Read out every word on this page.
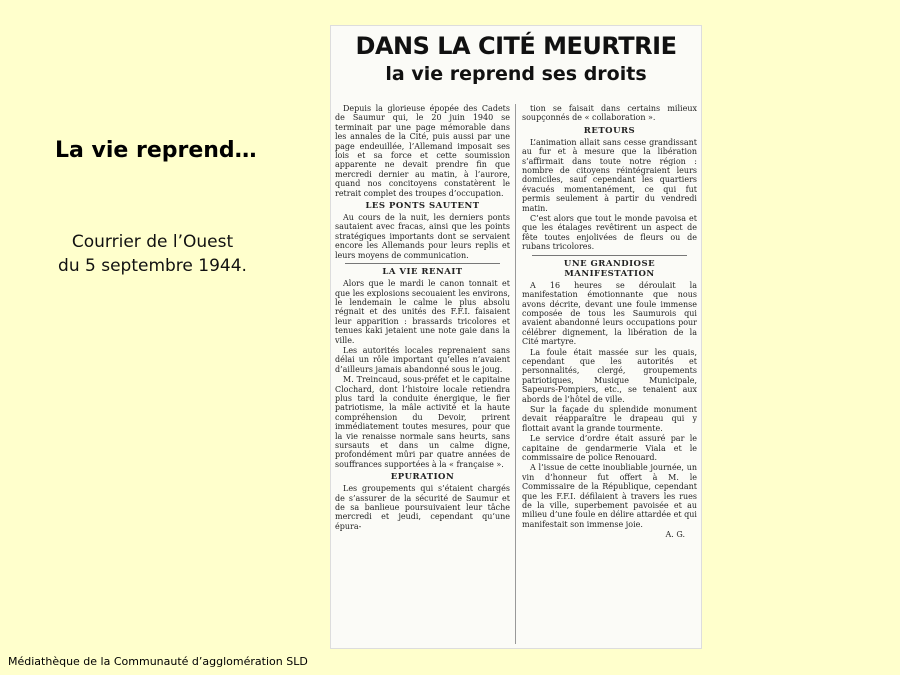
La vie reprend…
Courrier de l’Ouest
du 5 septembre 1944.
DANS LA CITÉ MEURTRIE
la vie reprend ses droits

Depuis la glorieuse épopée des Cadets de Saumur qui, le 20 juin 1940 se terminait par une page mémorable dans les annales de la Cité, puis aussi par une page endeuillée, l’Allemand imposait ses lois et sa force et cette soumission apparente ne devait prendre fin que mercredi dernier au matin, à l’aurore, quand nos concitoyens constatèrent le retrait complet des troupes d’occupation.

LES PONTS SAUTENT

Au cours de la nuit, les derniers ponts sautaient avec fracas, ainsi que les points stratégiques importants dont se servaient encore les Allemands pour leurs replis et leurs moyens de communication.

LA VIE RENAIT

Alors que le mardi le canon tonnait et que les explosions secouaient les environs, le lendemain le calme le plus absolu régnait et des unités des F.F.I. faisaient leur apparition : brassards tricolores et tenues kaki jetaient une note gaie dans la ville.

Les autorités locales reprenaient sans délai un rôle important qu’elles n’avaient d’ailleurs jamais abandonné sous le joug.

M. Treincaud, sous-préfet et le capitaine Clochard, dont l’histoire locale retiendra plus tard la conduite énergique, le fier patriotisme, la mâle activité et la haute compréhension du Devoir, prirent immédiatement toutes mesures, pour que la vie renaisse normale sans heurts, sans sursauts et dans un calme digne, profondément mûri par quatre années de souffrances supportées à la « française ».

EPURATION

Les groupements qui s’étaient chargés de s’assurer de la sécurité de Saumur et de sa banlieue poursuivaient leur tâche mercredi et jeudi, cependant qu’une épura-

tion se faisait dans certains milieux soupçonnés de « collaboration ».

RETOURS

L’animation allait sans cesse grandissant au fur et à mesure que la libération s’affirmait dans toute notre région : nombre de citoyens réintégraient leurs domiciles, sauf cependant les quartiers évacués momentanément, ce qui fut permis seulement à partir du vendredi matin.

C’est alors que tout le monde pavoisa et que les étalages revêtirent un aspect de fête toutes enjolivées de fleurs ou de rubans tricolores.

UNE GRANDIOSE MANIFESTATION

A 16 heures se déroulait la manifestation émotionnante que nous avons décrite, devant une foule immense composée de tous les Saumurois qui avaient abandonné leurs occupations pour célébrer dignement, la libération de la Cité martyre.

La foule était massée sur les quais, cependant que les autorités et personnalités, clergé, groupements patriotiques, Musique Municipale, Sapeurs-Pompiers, etc., se tenaient aux abords de l’hôtel de ville.

Sur la façade du splendide monument devait réapparaître le drapeau qui y flottait avant la grande tourmente.

Le service d’ordre était assuré par le capitaine de gendarmerie Viala et le commissaire de police Renouard.

A l’issue de cette inoubliable journée, un vin d’honneur fut offert à M. le Commissaire de la République, cependant que les F.F.I. défilaient à travers les rues de la ville, superbement pavoisée et au milieu d’une foule en délire attardée et qui manifestait son immense joie.

A. G.
Médiathèque de la Communauté d’agglomération SLD
